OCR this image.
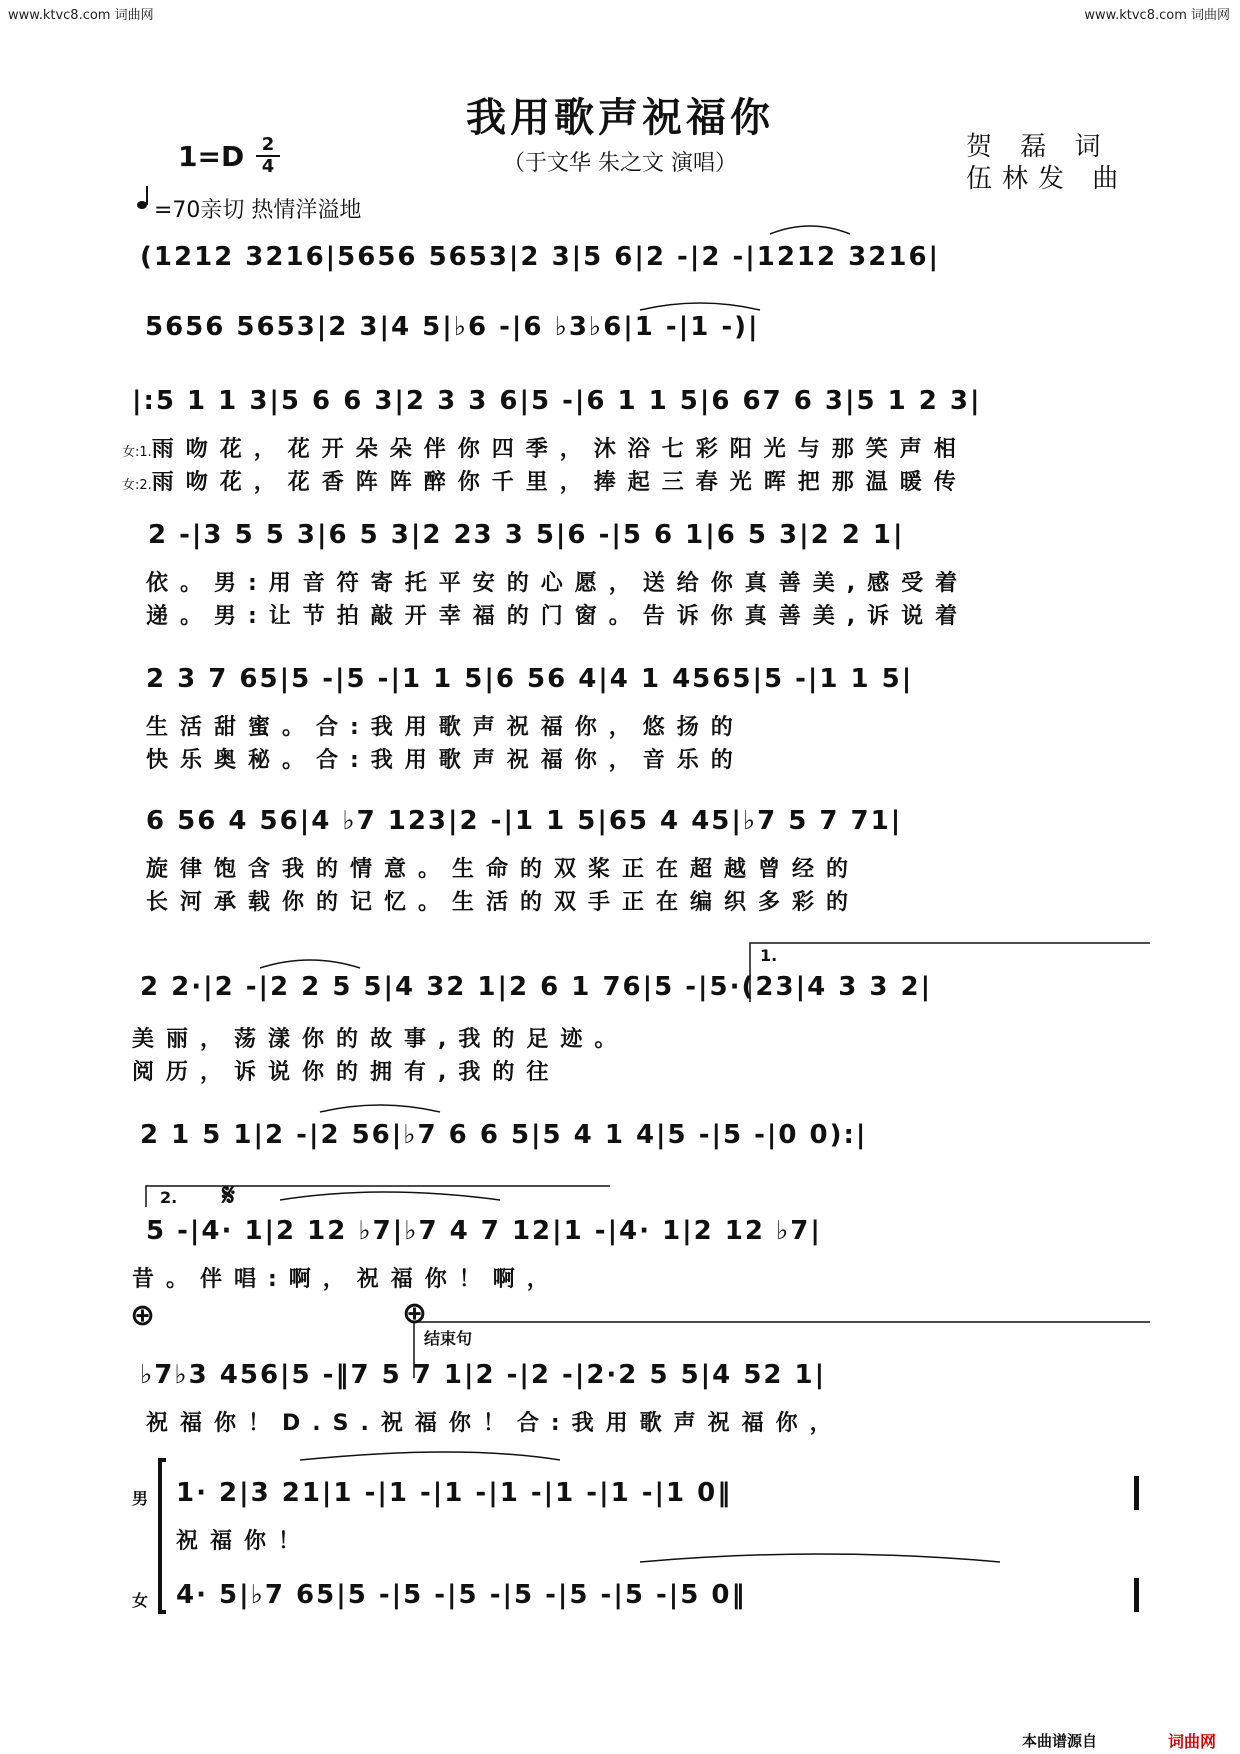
www.ktvc8.com 词曲网	www.ktvc8.com 词曲网
我用歌声祝福你
（于文华 朱之文 演唱）
贺 磊 词
伍林发 曲
1=D 2
4
=70亲切 热情洋溢地
(1212 3216|5656 5653|2 3|5 6|2 -|2 -|1212 3216|
5656 5653|2 3|4 5|♭6 -|6 ♭3♭6|1 -|1 -)|
|:5 1 1 3|5 6 6 3|2 3 3 6|5 -|6 1 1 5|6 67 6 3|5 1 2 3|
女:1.雨吻花，花开朵朵伴你四季，沐浴七彩阳光与那笑声相
女:2.雨吻花，花香阵阵醉你千里，捧起三春光晖把那温暖传
2 -|3 5 5 3|6 5 3|2 23 3 5|6 -|5 6 1|6 5 3|2 2 1|
依。男:用音符寄托平安的心愿，送给你真善美,感受着
递。男:让节拍敲开幸福的门窗。告诉你真善美,诉说着
2 3 7 65|5 -|5 -|1 1 5|6 56 4|4 1 4565|5 -|1 1 5|
生活甜蜜。合:我用歌声祝福你，悠扬的
快乐奥秘。合:我用歌声祝福你，音乐的
6 56 4 56|4 ♭7 123|2 -|1 1 5|65 4 45|♭7 5 7 71|
旋律饱含我的情意。生命的双桨正在超越曾经的
长河承载你的记忆。生活的双手正在编织多彩的
1.
2 2·|2 -|2 2 5 5|4 32 1|2 6 1 76|5 -|5·(23|4 3 3 2|
美丽，荡漾你的故事,我的足迹。
阅历，诉说你的拥有,我的往
2 1 5 1|2 -|2 56|♭7 6 6 5|5 4 1 4|5 -|5 -|0 0):|
2. 𝄋
5 -|4· 1|2 12 ♭7|♭7 4 7 12|1 -|4· 1|2 12 ♭7|
昔。伴唱:啊，祝福你！啊，
⊕	⊕
结束句
♭7♭3 456|5 -‖7 5 7 1|2 -|2 -|2·2 5 5|4 52 1|
祝福你！D.S.祝福你！合:我用歌声祝福你，
男 1· 2|3 21|1 -|1 -|1 -|1 -|1 -|1 -|1 0‖
祝福你！
女 4· 5|♭7 65|5 -|5 -|5 -|5 -|5 -|5 -|5 0‖
本曲谱源自	词曲网
